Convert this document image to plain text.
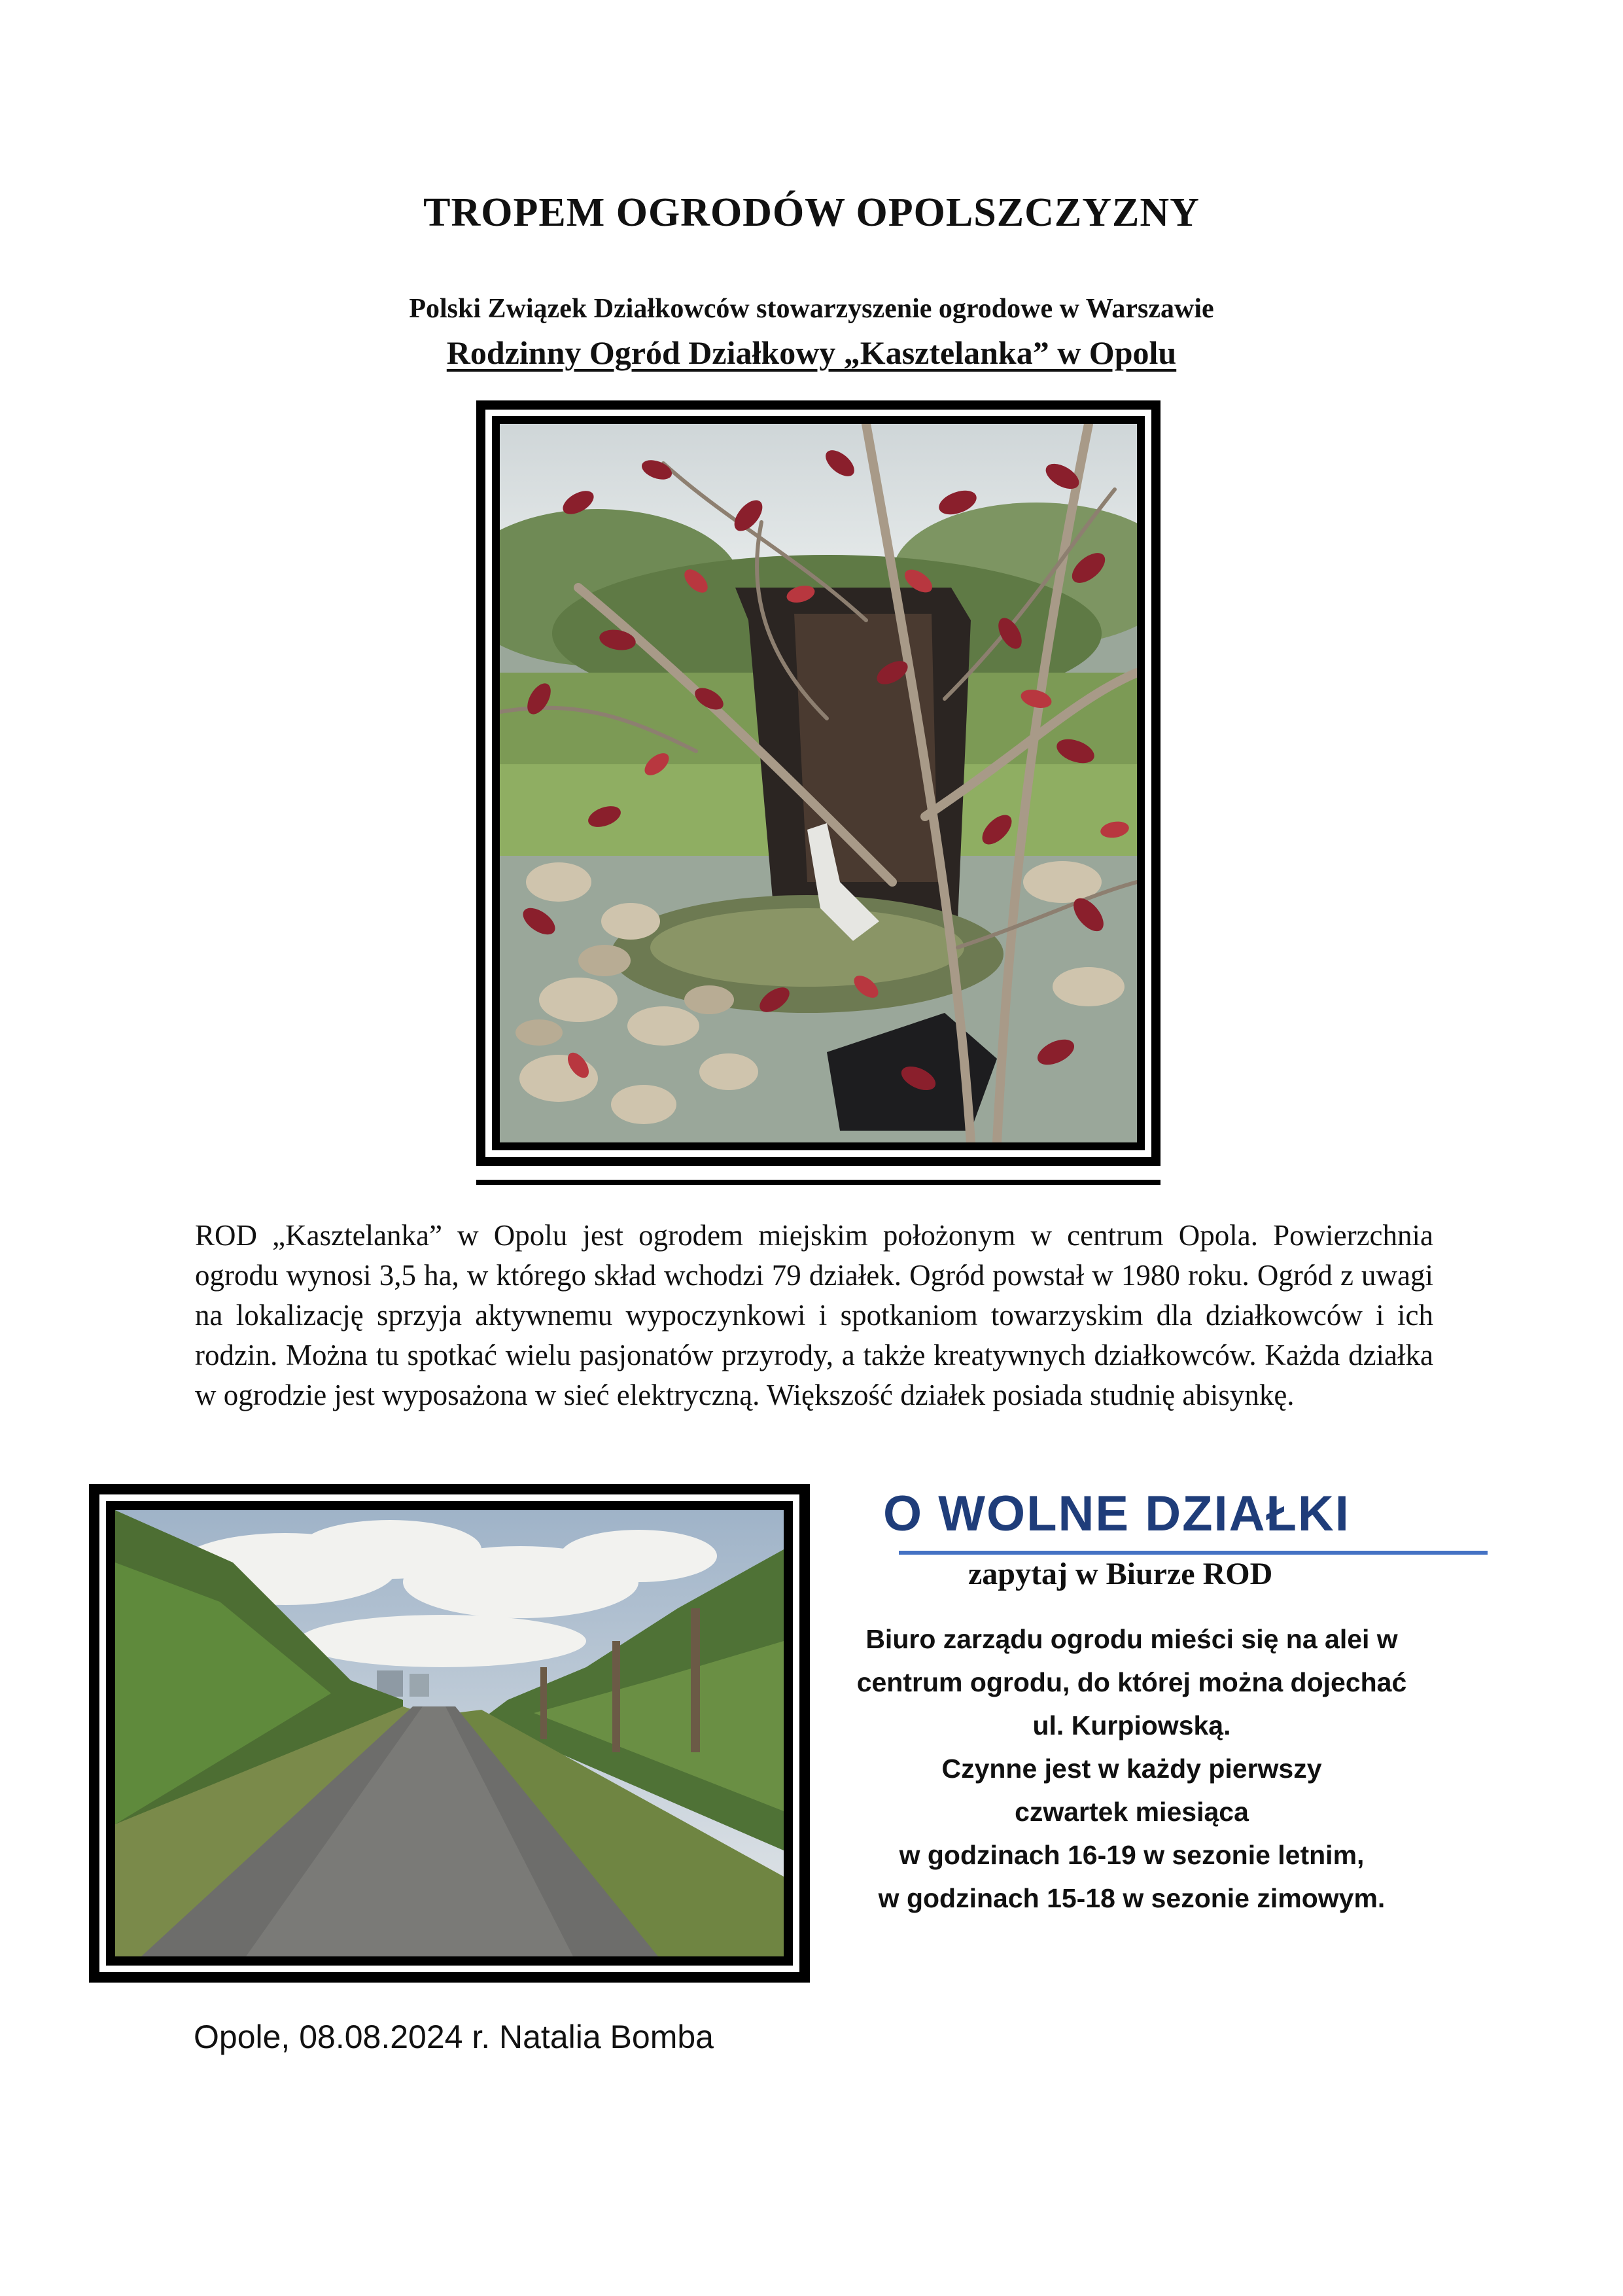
TROPEM OGRODÓW OPOLSZCZYZNY
Polski Związek Działkowców stowarzyszenie ogrodowe w Warszawie
Rodzinny Ogród Działkowy „Kasztelanka” w Opolu

ROD „Kasztelanka” w Opolu jest ogrodem miejskim położonym w centrum Opola. Powierzchnia ogrodu wynosi 3,5 ha, w którego skład wchodzi 79 działek. Ogród powstał w 1980 roku. Ogród z uwagi na lokalizację sprzyja aktywnemu wypoczynkowi i spotkaniom towarzyskim dla działkowców i ich rodzin. Można tu spotkać wielu pasjonatów przyrody, a także kreatywnych działkowców. Każda działka w ogrodzie jest wyposażona w sieć elektryczną. Większość działek posiada studnię abisynkę.

O WOLNE DZIAŁKI
zapytaj w Biurze ROD
Biuro zarządu ogrodu mieści się na alei w
centrum ogrodu, do której można dojechać
ul. Kurpiowską.
Czynne jest w każdy pierwszy
czwartek miesiąca
w godzinach 16-19 w sezonie letnim,
w godzinach 15-18 w sezonie zimowym.
Opole, 08.08.2024 r. Natalia Bomba
